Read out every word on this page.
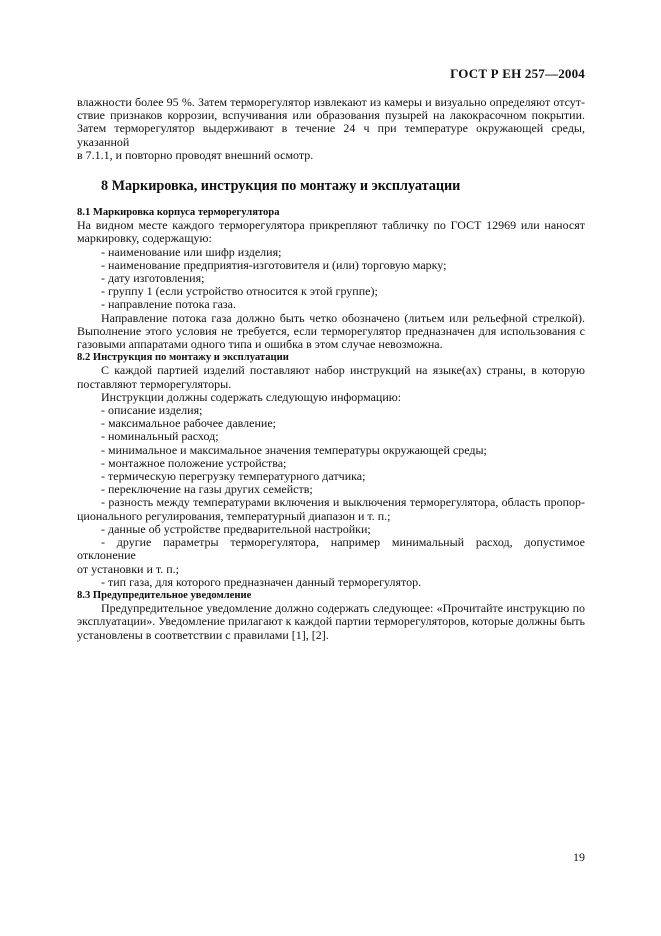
ГОСТ Р ЕН 257—2004

влажности более 95 %. Затем терморегулятор извлекают из камеры и визуально определяют отсут-

ствие признаков коррозии, вспучивания или образования пузырей на лакокрасочном покрытии.

Затем терморегулятор выдерживают в течение 24 ч при температуре окружающей среды, указанной

в 7.1.1, и повторно проводят внешний осмотр.

8 Маркировка, инструкция по монтажу и эксплуатации

8.1 Маркировка корпуса терморегулятора

На видном месте каждого терморегулятора прикрепляют табличку по ГОСТ 12969 или наносят

маркировку, содержащую:

- наименование или шифр изделия;

- наименование предприятия-изготовителя и (или) торговую марку;

- дату изготовления;

- группу 1 (если устройство относится к этой группе);

- направление потока газа.

Направление потока газа должно быть четко обозначено (литьем или рельефной стрелкой).

Выполнение этого условия не требуется, если терморегулятор предназначен для использования с

газовыми аппаратами одного типа и ошибка в этом случае невозможна.

8.2 Инструкция по монтажу и эксплуатации

С каждой партией изделий поставляют набор инструкций на языке(ах) страны, в которую

поставляют терморегуляторы.

Инструкции должны содержать следующую информацию:

- описание изделия;

- максимальное рабочее давление;

- номинальный расход;

- минимальное и максимальное значения температуры окружающей среды;

- монтажное положение устройства;

- термическую перегрузку температурного датчика;

- переключение на газы других семейств;

- разность между температурами включения и выключения терморегулятора, область пропор-

ционального регулирования, температурный диапазон и т. п.;

- данные об устройстве предварительной настройки;

- другие параметры терморегулятора, например минимальный расход, допустимое отклонение

от установки и т. п.;

- тип газа, для которого предназначен данный терморегулятор.

8.3 Предупредительное уведомление

Предупредительное уведомление должно содержать следующее: «Прочитайте инструкцию по

эксплуатации». Уведомление прилагают к каждой партии терморегуляторов, которые должны быть

установлены в соответствии с правилами [1], [2].

19
